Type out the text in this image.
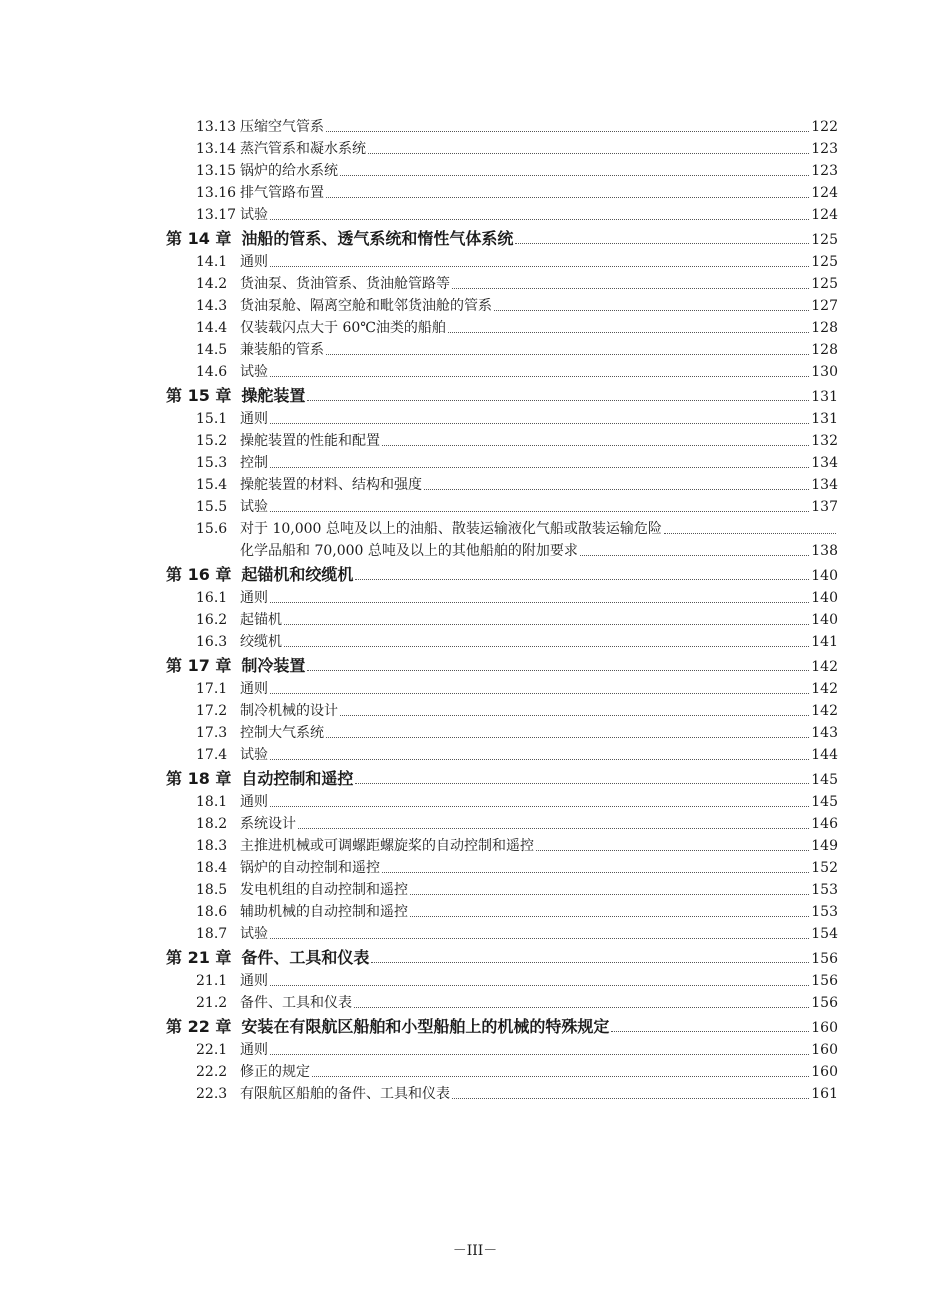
13.13 压缩空气管系	122
13.14 蒸汽管系和凝水系统	123
13.15 锅炉的给水系统	123
13.16 排气管路布置	124
13.17 试验	124
第 14 章 油船的管系、透气系统和惰性气体系统	125
14.1 通则	125
14.2 货油泵、货油管系、货油舱管路等	125
14.3 货油泵舱、隔离空舱和毗邻货油舱的管系	127
14.4 仅装载闪点大于 60℃油类的船舶	128
14.5 兼装船的管系	128
14.6 试验	130
第 15 章 操舵装置	131
15.1 通则	131
15.2 操舵装置的性能和配置	132
15.3 控制	134
15.4 操舵装置的材料、结构和强度	134
15.5 试验	137
15.6 对于 10,000 总吨及以上的油船、散装运输液化气船或散装运输危险
化学品船和 70,000 总吨及以上的其他船舶的附加要求	138
第 16 章 起锚机和绞缆机	140
16.1 通则	140
16.2 起锚机	140
16.3 绞缆机	141
第 17 章 制冷装置	142
17.1 通则	142
17.2 制冷机械的设计	142
17.3 控制大气系统	143
17.4 试验	144
第 18 章 自动控制和遥控	145
18.1 通则	145
18.2 系统设计	146
18.3 主推进机械或可调螺距螺旋桨的自动控制和遥控	149
18.4 锅炉的自动控制和遥控	152
18.5 发电机组的自动控制和遥控	153
18.6 辅助机械的自动控制和遥控	153
18.7 试验	154
第 21 章 备件、工具和仪表	156
21.1 通则	156
21.2 备件、工具和仪表	156
第 22 章 安装在有限航区船舶和小型船舶上的机械的特殊规定	160
22.1 通则	160
22.2 修正的规定	160
22.3 有限航区船舶的备件、工具和仪表	161
－III－
